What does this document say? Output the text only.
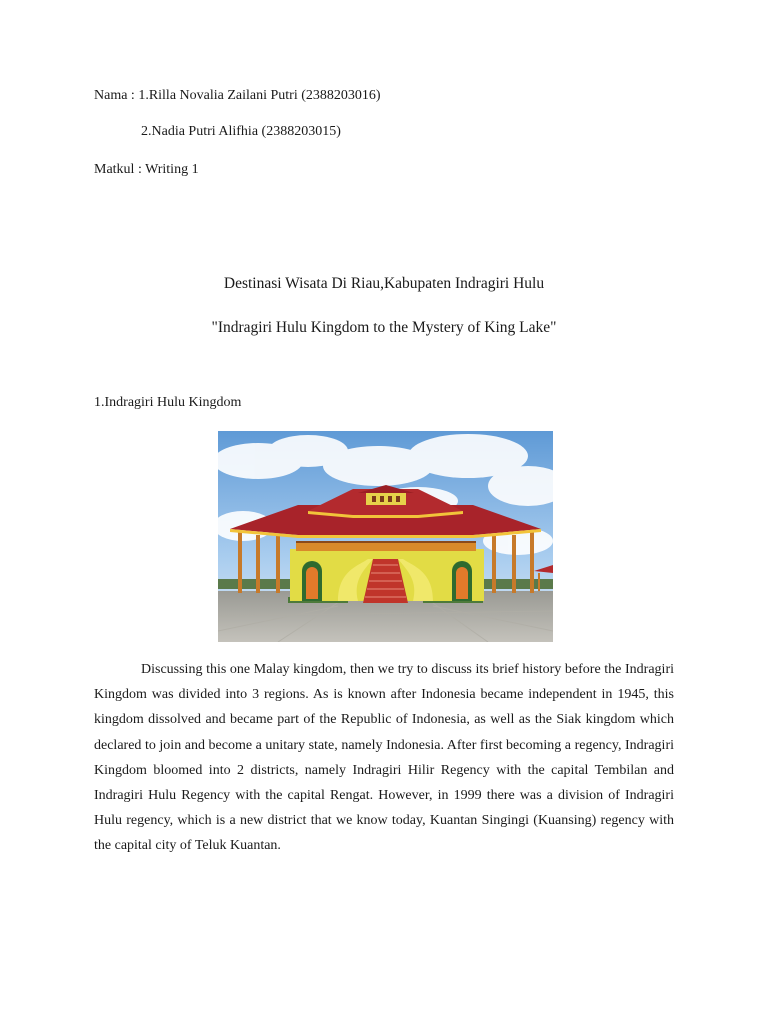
Nama : 1.Rilla Novalia Zailani Putri (2388203016)
2.Nadia Putri Alifhia (2388203015)
Matkul : Writing 1
Destinasi Wisata Di Riau,Kabupaten Indragiri Hulu
"Indragiri Hulu Kingdom to the Mystery of King Lake"
1.Indragiri Hulu Kingdom

Discussing this one Malay kingdom, then we try to discuss its brief history before the Indragiri Kingdom was divided into 3 regions. As is known after Indonesia became independent in 1945, this kingdom dissolved and became part of the Republic of Indonesia, as well as the Siak kingdom which declared to join and become a unitary state, namely Indonesia. After first becoming a regency, Indragiri Kingdom bloomed into 2 districts, namely Indragiri Hilir Regency with the capital Tembilan and Indragiri Hulu Regency with the capital Rengat. However, in 1999 there was a division of Indragiri Hulu regency, which is a new district that we know today, Kuantan Singingi (Kuansing) regency with the capital city of Teluk Kuantan.
